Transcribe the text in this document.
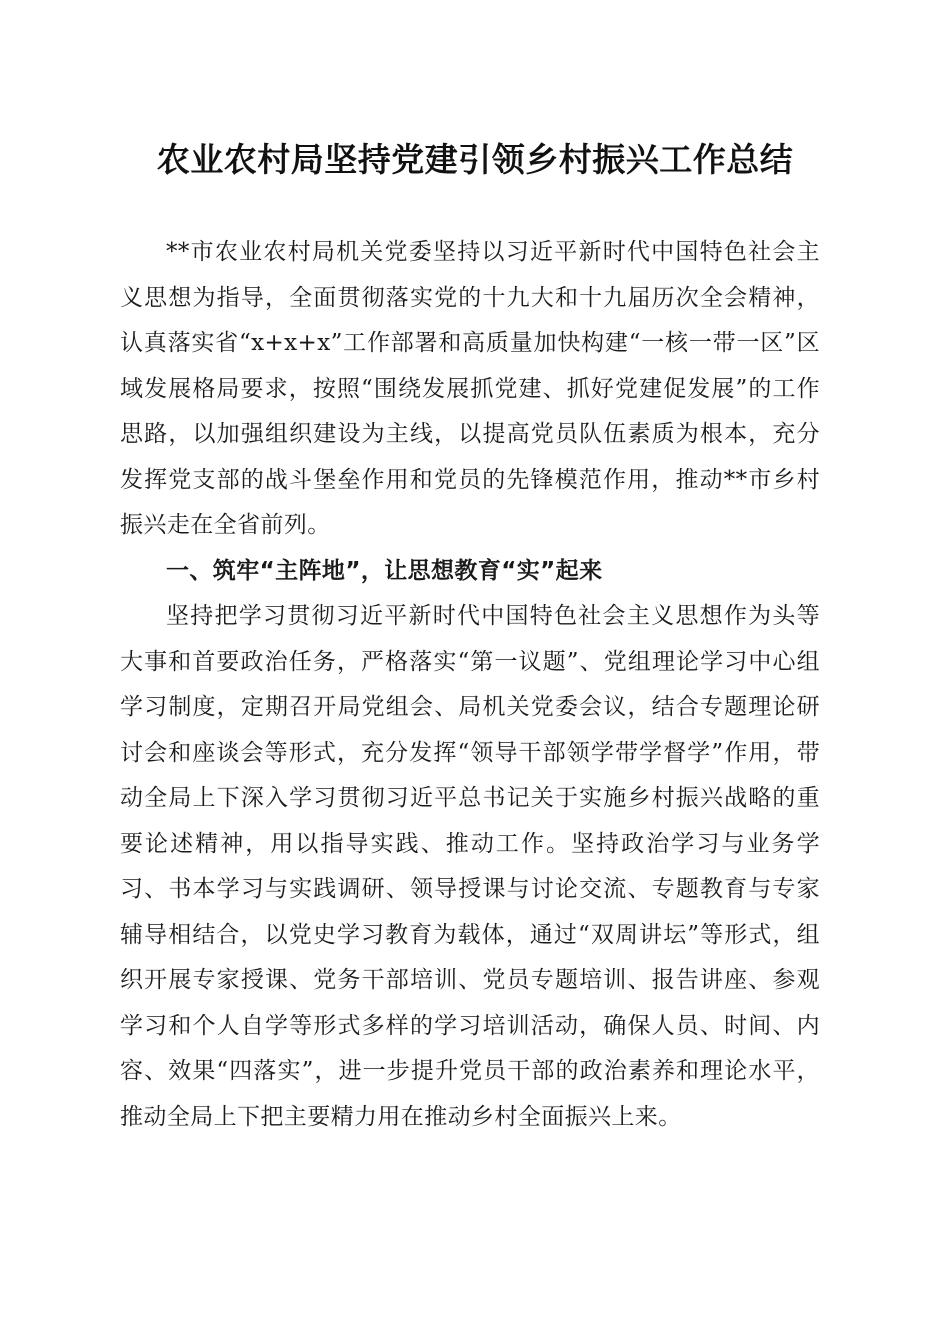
农业农村局坚持党建引领乡村振兴工作总结

**市农业农村局机关党委坚持以习近平新时代中国特色社会主义思想为指导，全面贯彻落实党的十九大和十九届历次全会精神，认真落实省“x+x+x”工作部署和高质量加快构建“一核一带一区”区域发展格局要求，按照“围绕发展抓党建、抓好党建促发展”的工作思路，以加强组织建设为主线，以提高党员队伍素质为根本，充分发挥党支部的战斗堡垒作用和党员的先锋模范作用，推动**市乡村振兴走在全省前列。

一、筑牢“主阵地”，让思想教育“实”起来

坚持把学习贯彻习近平新时代中国特色社会主义思想作为头等大事和首要政治任务，严格落实“第一议题”、党组理论学习中心组学习制度，定期召开局党组会、局机关党委会议，结合专题理论研讨会和座谈会等形式，充分发挥“领导干部领学带学督学”作用，带动全局上下深入学习贯彻习近平总书记关于实施乡村振兴战略的重要论述精神，用以指导实践、推动工作。坚持政治学习与业务学习、书本学习与实践调研、领导授课与讨论交流、专题教育与专家辅导相结合，以党史学习教育为载体，通过“双周讲坛”等形式，组织开展专家授课、党务干部培训、党员专题培训、报告讲座、参观学习和个人自学等形式多样的学习培训活动，确保人员、时间、内容、效果“四落实”，进一步提升党员干部的政治素养和理论水平，推动全局上下把主要精力用在推动乡村全面振兴上来。
